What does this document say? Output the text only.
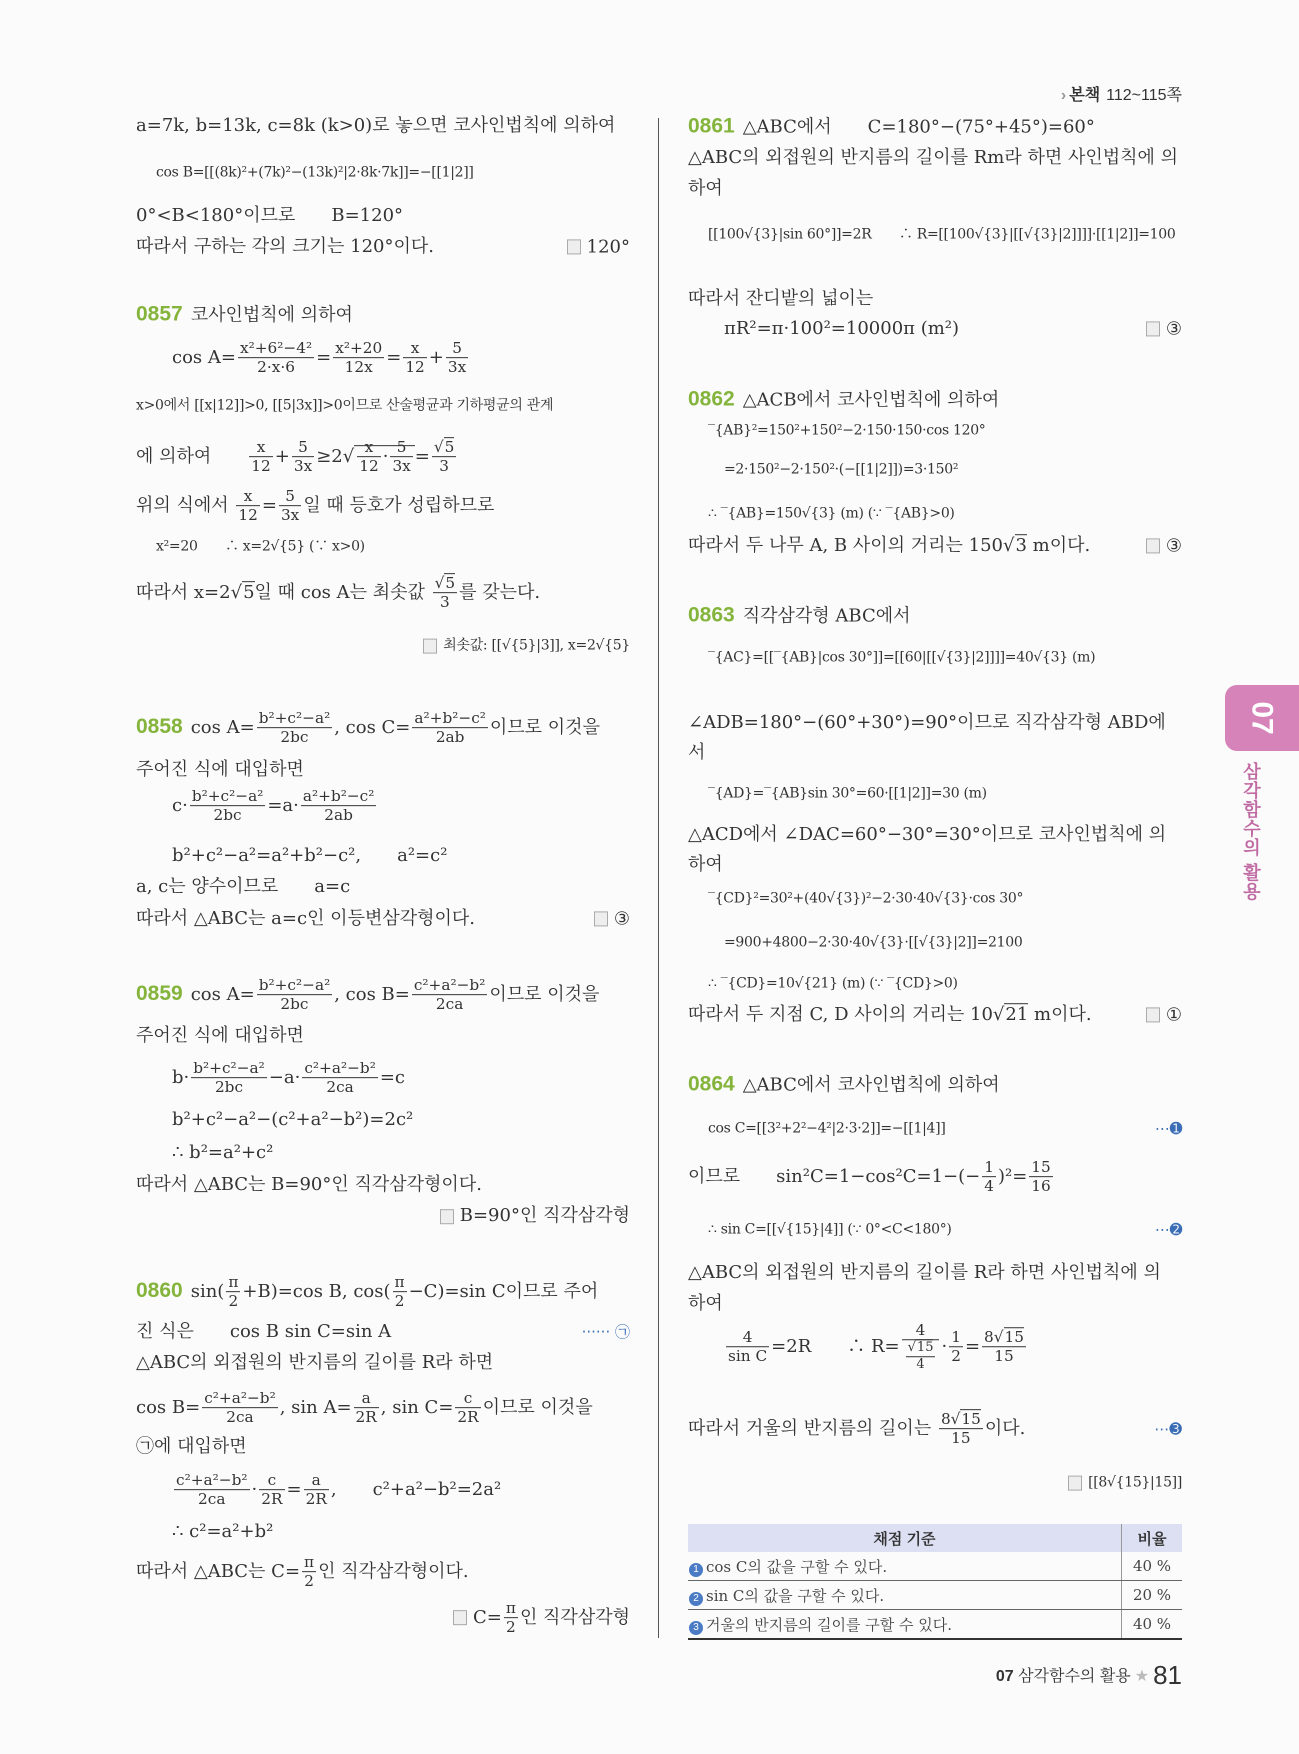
› 본책 112~115쪽
a=7k, b=13k, c=8k (k>0)로 놓으면 코사인법칙에 의하여
cos B=[[(8k)²+(7k)²−(13k)²|2·8k·7k]]=−[[1|2]]
0°<B<180°이므로　　B=120°
따라서 구하는 각의 크기는 120°이다.	120°
0857 코사인법칙에 의하여
$\cos A= \frac{\text{x²+6²−4²}}{2\cdot x\cdot 6} = \frac{\text{x²+20}}{12x} = \frac{x}{12} + \frac{5}{3x}$
x>0에서 [[x|12]]>0, [[5|3x]]>0이므로 산술평균과 기하평균의 관계
에 의하여　　 $\frac{x}{12} + \frac{5}{3x} \ge 2√ \frac{x}{12} \cdot \frac{5}{3x} = \frac{√5}{3}$
위의 식에서 $\frac{x}{12} = \frac{5}{3x}$ 일 때 등호가 성립하므로
x²=20　　∴ x=2√{5} (∵ x>0)
따라서 x=2√5일 때 cos A는 최솟값 $\frac{√5}{3}$ 를 갖는다.
최솟값: [[√{5}|3]], x=2√{5}
0858 $\cos A= \frac{\text{b²+c²−a²}}{2bc}$ , $\cos C= \frac{\text{a²+b²−c²}}{2ab}$ 이므로 이것을
주어진 식에 대입하면
$c\cdot \frac{\text{b²+c²−a²}}{2bc} =a\cdot \frac{\text{a²+b²−c²}}{2ab}$
b²+c²−a²=a²+b²−c²,　　a²=c²
a, c는 양수이므로　　a=c
따라서 △ABC는 a=c인 이등변삼각형이다.	③
0859 $\cos A= \frac{\text{b²+c²−a²}}{2bc}$ , $\cos B= \frac{\text{c²+a²−b²}}{2ca}$ 이므로 이것을
주어진 식에 대입하면
$b\cdot \frac{\text{b²+c²−a²}}{2bc} -a\cdot \frac{\text{c²+a²−b²}}{2ca} =c$
b²+c²−a²−(c²+a²−b²)=2c²
∴ b²=a²+c²
따라서 △ABC는 B=90°인 직각삼각형이다.
B=90°인 직각삼각형
0860 $\sin( \frac{\pi}{2} +B)=\cos$ B, $\cos( \frac{\pi}{2} -C)=\sin$ C이므로 주어
진 식은　　cos B sin C=sin A	······ ㉠
△ABC의 외접원의 반지름의 길이를 R라 하면
$\cos B= \frac{\text{c²+a²−b²}}{2ca}$ , $\sin A= \frac{a}{2R}$ , $\sin C= \frac{c}{2R}$ 이므로 이것을
㉠에 대입하면
$\frac{\text{c²+a²−b²}}{2ca} \cdot \frac{c}{2R} = \frac{a}{2R}$ ,　　c²+a²−b²=2a²
∴ c²=a²+b²
따라서 △ABC는 $C= \frac{\pi}{2}$ 인 직각삼각형이다.
$C= \frac{\pi}{2}$ 인 직각삼각형
0861 △ABC에서　　C=180°−(75°+45°)=60°
△ABC의 외접원의 반지름의 길이를 Rm라 하면 사인법칙에 의
하여
[[100√{3}|sin 60°]]=2R　　∴ R=[[100√{3}|[[√{3}|2]]]]·[[1|2]]=100
따라서 잔디밭의 넓이는
πR²=π·100²=10000π (m²)	③
0862 △ACB에서 코사인법칙에 의하여
‾{AB}²=150²+150²−2·150·150·cos 120°
=2·150²−2·150²·(−[[1|2]])=3·150²
∴ ‾{AB}=150√{3} (m) (∵ ‾{AB}>0)
따라서 두 나무 A, B 사이의 거리는 150√3 m이다.	③
0863 직각삼각형 ABC에서
‾{AC}=[[‾{AB}|cos 30°]]=[[60|[[√{3}|2]]]]=40√{3} (m)
∠ADB=180°−(60°+30°)=90°이므로 직각삼각형 ABD에
서
‾{AD}=‾{AB}sin 30°=60·[[1|2]]=30 (m)
△ACD에서 ∠DAC=60°−30°=30°이므로 코사인법칙에 의
하여
‾{CD}²=30²+(40√{3})²−2·30·40√{3}·cos 30°
=900+4800−2·30·40√{3}·[[√{3}|2]]=2100
∴ ‾{CD}=10√{21} (m) (∵ ‾{CD}>0)
따라서 두 지점 C, D 사이의 거리는 10√21 m이다.	①
0864 △ABC에서 코사인법칙에 의하여
cos C=[[3²+2²−4²|2·3·2]]=−[[1|4]]	⋯➊
이므로　　$\sin^2C=1-\cos^2C=1-(- \frac{1}{4} )^2= \frac{15}{16}$
∴ sin C=[[√{15}|4]] (∵ 0°<C<180°)	⋯➋
△ABC의 외접원의 반지름의 길이를 R라 하면 사인법칙에 의
하여
$\frac{4}{\text{sin C}} =2R$　　∴ $R= \frac{4}{\frac{√15}{4}} \cdot \frac{1}{2} = \frac{8√15}{15}$
따라서 거울의 반지름의 길이는 $\frac{8√15}{15}$ 이다.	⋯➌
[[8√{15}|15]]
07
삼각함수의 활용
채점 기준	비율
1 cos C의 값을 구할 수 있다.	40 %
2 sin C의 값을 구할 수 있다.	20 %
3 거울의 반지름의 길이를 구할 수 있다.	40 %
07 삼각함수의 활용 ★ 81
